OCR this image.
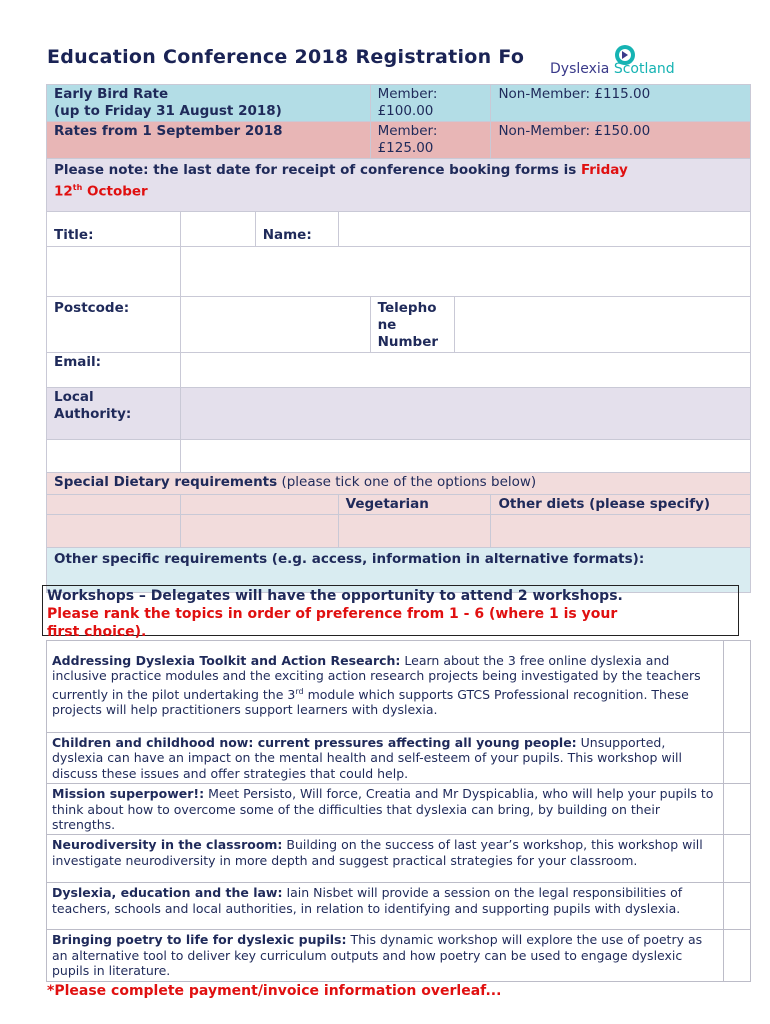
Education Conference 2018 Registration Fo
Dyslexia Scotland
Early Bird Rate
(up to Friday 31 August 2018)				Member: £100.00		Non-Member: £115.00
Rates from 1 September 2018				Member: £125.00		Non-Member: £150.00
Please note: the last date for receipt of conference booking forms is Friday
12th October						
Title:		Name:				

Postcode:				Telepho
ne
Number		

Email:						

Local
Authority:						

Special Dietary requirements (please tick one of the options below)						
			Vegetarian			Other diets (please specify)

Other specific requirements (e.g. access, information in alternative formats):						
Workshops – Delegates will have the opportunity to attend 2 workshops.
Please rank the topics in order of preference from 1 - 6 (where 1 is your
first choice).
Addressing Dyslexia Toolkit and Action Research: Learn about the 3 free online dyslexia and inclusive practice modules and the exciting action research projects being investigated by the teachers currently in the pilot undertaking the 3rd module which supports GTCS Professional recognition. These projects will help practitioners support learners with dyslexia.	
Children and childhood now: current pressures affecting all young people: Unsupported, dyslexia can have an impact on the mental health and self-esteem of your pupils. This workshop will discuss these issues and offer strategies that could help.	
Mission superpower!: Meet Persisto, Will force, Creatia and Mr Dyspicablia, who will help your pupils to think about how to overcome some of the difficulties that dyslexia can bring, by building on their strengths.	
Neurodiversity in the classroom: Building on the success of last year’s workshop, this workshop will investigate neurodiversity in more depth and suggest practical strategies for your classroom.	
Dyslexia, education and the law: Iain Nisbet will provide a session on the legal responsibilities of teachers, schools and local authorities, in relation to identifying and supporting pupils with dyslexia.	
Bringing poetry to life for dyslexic pupils: This dynamic workshop will explore the use of poetry as an alternative tool to deliver key curriculum outputs and how poetry can be used to engage dyslexic pupils in literature.	
*Please complete payment/invoice information overleaf...
